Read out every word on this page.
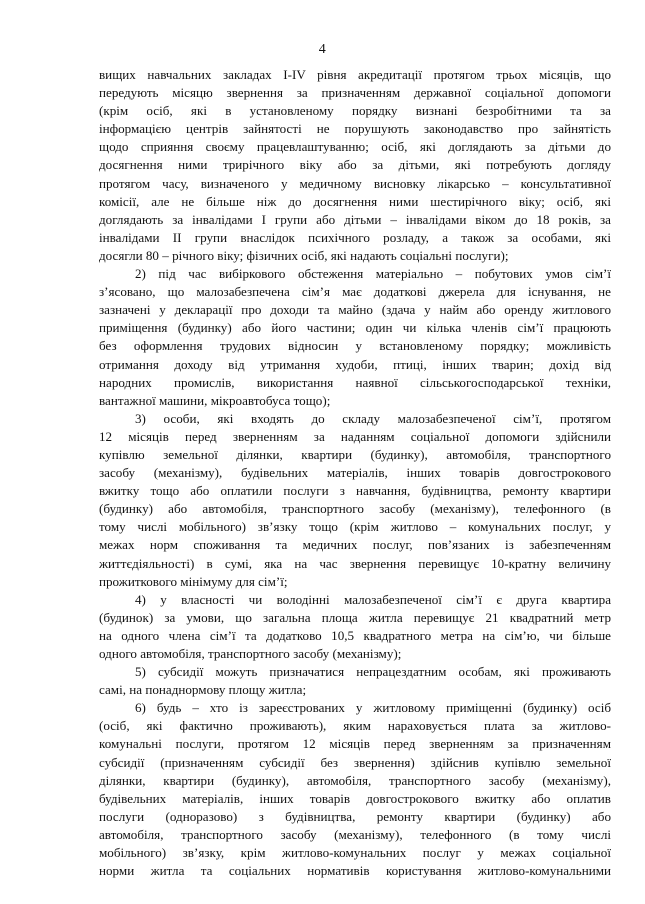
4
вищих навчальних закладах І-IV рівня акредитації протягом трьох місяців, що
передують місяцю звернення за призначенням державної соціальної допомоги
(крім осіб, які в установленому порядку визнані безробітними та за
інформацією центрів зайнятості не порушують законодавство про зайнятість
щодо сприяння своєму працевлаштуванню; осіб, які доглядають за дітьми до
досягнення ними трирічного віку або за дітьми, які потребують догляду
протягом часу, визначеного у медичному висновку лікарсько – консультативної
комісії, але не більше ніж до досягнення ними шестирічного віку; осіб, які
доглядають за інвалідами І групи або дітьми – інвалідами віком до 18 років, за
інвалідами II групи внаслідок психічного розладу, а також за особами, які
досягли 80 – річного віку; фізичних осіб, які надають соціальні послуги);
2) під час вибіркового обстеження матеріально – побутових умов сім’ї
з’ясовано, що малозабезпечена сім’я має додаткові джерела для існування, не
зазначені у декларації про доходи та майно (здача у найм або оренду житлового
приміщення (будинку) або його частини; один чи кілька членів сім’ї працюють
без оформлення трудових відносин у встановленому порядку; можливість
отримання доходу від утримання худоби, птиці, інших тварин; дохід від
народних промислів, використання наявної сільськогосподарської техніки,
вантажної машини, мікроавтобуса тощо);
3) особи, які входять до складу малозабезпеченої сім’ї, протягом
12 місяців перед зверненням за наданням соціальної допомоги здійснили
купівлю земельної ділянки, квартири (будинку), автомобіля, транспортного
засобу (механізму), будівельних матеріалів, інших товарів довгострокового
вжитку тощо або оплатили послуги з навчання, будівництва, ремонту квартири
(будинку) або автомобіля, транспортного засобу (механізму), телефонного (в
тому числі мобільного) зв’язку тощо (крім житлово – комунальних послуг, у
межах норм споживання та медичних послуг, пов’язаних із забезпеченням
життєдіяльності) в сумі, яка на час звернення перевищує 10-кратну величину
прожиткового мінімуму для сім’ї;
4) у власності чи володінні малозабезпеченої сім’ї є друга квартира
(будинок) за умови, що загальна площа житла перевищує 21 квадратний метр
на одного члена сім’ї та додатково 10,5 квадратного метра на сім’ю, чи більше
одного автомобіля, транспортного засобу (механізму);
5) субсидії можуть призначатися непрацездатним особам, які проживають
самі, на понаднормову площу житла;
6) будь – хто із зареєстрованих у житловому приміщенні (будинку) осіб
(осіб, які фактично проживають), яким нараховується плата за житлово-
комунальні послуги, протягом 12 місяців перед зверненням за призначенням
субсидії (призначенням субсидії без звернення) здійснив купівлю земельної
ділянки, квартири (будинку), автомобіля, транспортного засобу (механізму),
будівельних матеріалів, інших товарів довгострокового вжитку або оплатив
послуги (одноразово) з будівництва, ремонту квартири (будинку) або
автомобіля, транспортного засобу (механізму), телефонного (в тому числі
мобільного) зв’язку, крім житлово-комунальних послуг у межах соціальної
норми житла та соціальних нормативів користування житлово-комунальними
